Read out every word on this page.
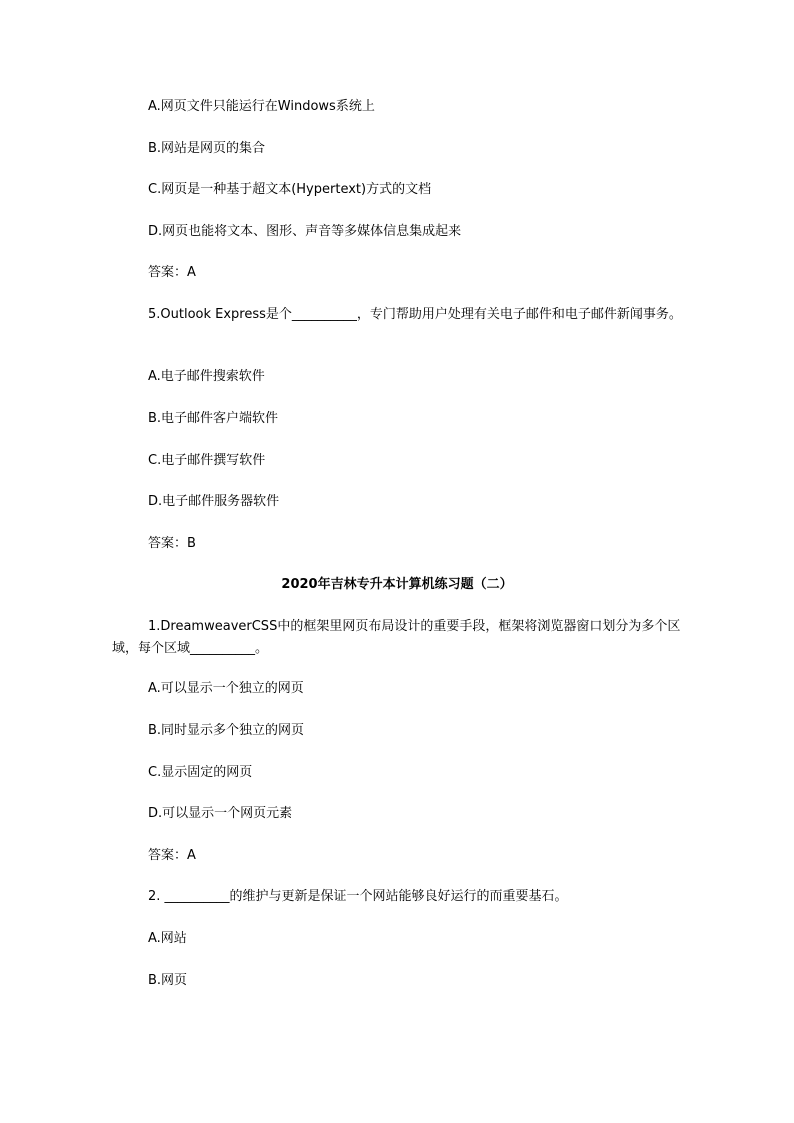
A.网页文件只能运行在Windows系统上
B.网站是网页的集合
C.网页是一种基于超文本(Hypertext)方式的文档
D.网页也能将文本、图形、声音等多媒体信息集成起来
答案：A
5.Outlook Express是个__________，专门帮助用户处理有关电子邮件和电子邮件新闻事务。
A.电子邮件搜索软件
B.电子邮件客户端软件
C.电子邮件撰写软件
D.电子邮件服务器软件
答案：B
2020年吉林专升本计算机练习题（二）
1.DreamweaverCSS中的框架里网页布局设计的重要手段，框架将浏览器窗口划分为多个区域，每个区域__________。
A.可以显示一个独立的网页
B.同时显示多个独立的网页
C.显示固定的网页
D.可以显示一个网页元素
答案：A
2. __________的维护与更新是保证一个网站能够良好运行的而重要基石。
A.网站
B.网页
